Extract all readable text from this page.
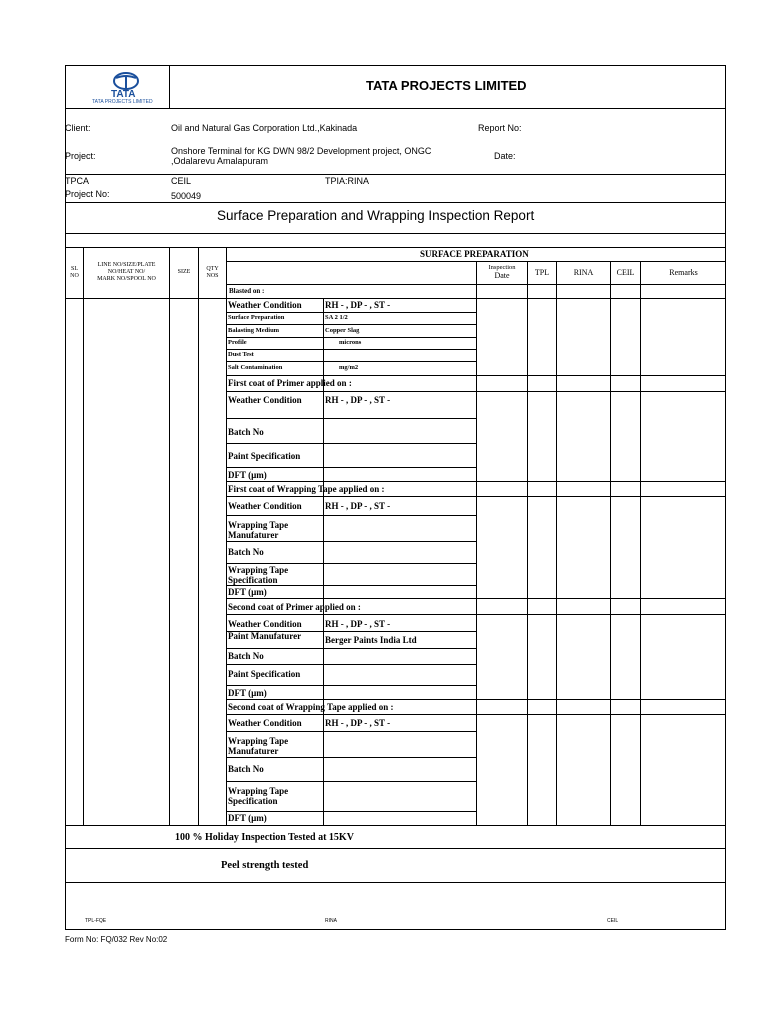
TATA
TATA PROJECTS LIMITED
TATA PROJECTS LIMITED
Client:	Oil and Natural Gas Corporation Ltd.,Kakinada	Report No:
Project:	Onshore Terminal for KG DWN 98/2 Development project, ONGC
,Odalarevu Amalapuram	Date:
TPCA	CEIL	TPIA:RINA
Project No:	500049
Surface Preparation and Wrapping Inspection Report
SL
NO
LINE NO/SIZE/PLATE
NO/HEAT NO/
MARK NO/SPOOL NO
SIZE	QTY
NOS
SURFACE PREPARATION
Inspection
Date	TPL	RINA	CEIL	Remarks
Blasted on :
Weather Condition	RH - , DP - , ST -
Surface Preparation	SA 2 1/2
Balasting Medium	Copper Slag
Profile	microns
Dust Test
Salt Contamination	mg/m2
First coat of Primer applied on :
Weather Condition	RH - , DP - , ST -
Batch No
Paint Specification
DFT (µm)
First coat of Wrapping Tape applied on :
Weather Condition	RH - , DP - , ST -
Wrapping Tape Manufaturer
Batch No
Wrapping Tape Specification
DFT (µm)
Second coat of Primer applied on :
Weather Condition	RH - , DP - , ST -
Paint Manufaturer	Berger Paints India Ltd
Batch No
Paint Specification
DFT (µm)
Second coat of Wrapping Tape applied on :
Weather Condition	RH - , DP - , ST -
Wrapping Tape Manufaturer
Batch No
Wrapping Tape Specification
DFT (µm)
100 % Holiday Inspection Tested at 15KV
Peel strength tested
TPL-FQE	RINA	CEIL
Form No: FQ/032 Rev No:02
